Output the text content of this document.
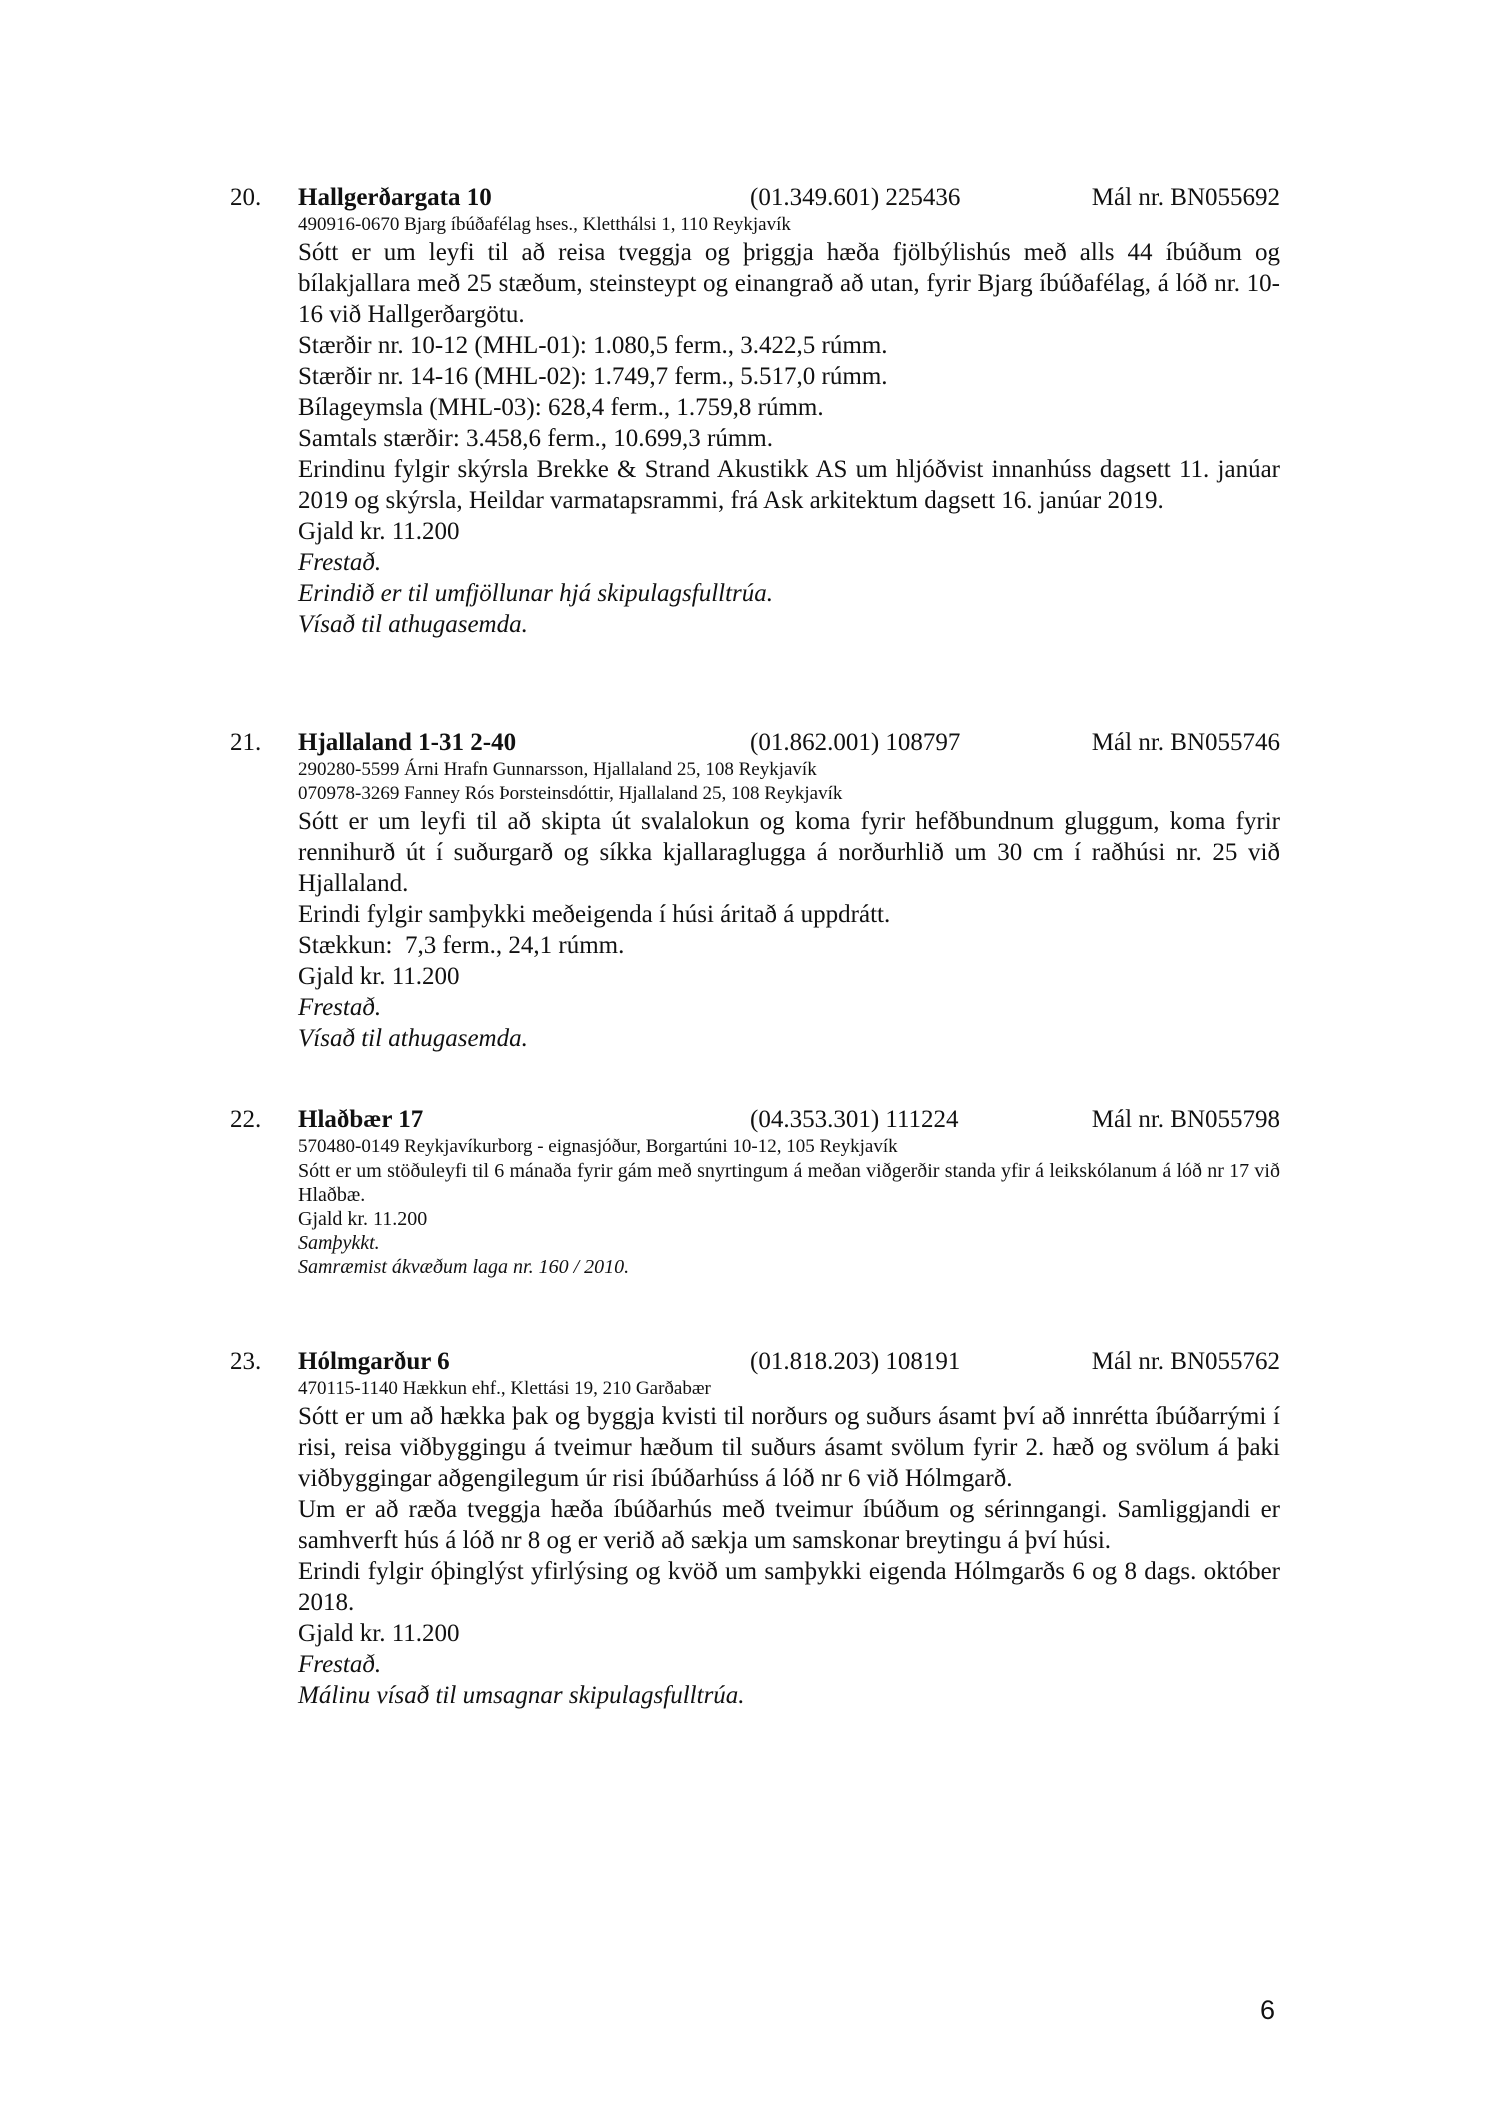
20. Hallgerðargata 10	(01.349.601) 225436	Mál nr. BN055692
490916-0670 Bjarg íbúðafélag hses., Kletthálsi 1, 110 Reykjavík
Sótt er um leyfi til að reisa tveggja og þriggja hæða fjölbýlishús með alls 44 íbúðum og bílakjallara með 25 stæðum, steinsteypt og einangrað að utan, fyrir Bjarg íbúðafélag, á lóð nr. 10-16 við Hallgerðargötu.
Stærðir nr. 10-12 (MHL-01): 1.080,5 ferm., 3.422,5 rúmm.
Stærðir nr. 14-16 (MHL-02): 1.749,7 ferm., 5.517,0 rúmm.
Bílageymsla (MHL-03): 628,4 ferm., 1.759,8 rúmm.
Samtals stærðir: 3.458,6 ferm., 10.699,3 rúmm.
Erindinu fylgir skýrsla Brekke & Strand Akustikk AS um hljóðvist innanhúss dagsett 11. janúar 2019 og skýrsla, Heildar varmatapsrammi, frá Ask arkitektum dagsett 16. janúar 2019.
Gjald kr. 11.200
Frestað.
Erindið er til umfjöllunar hjá skipulagsfulltrúa.
Vísað til athugasemda.
21. Hjallaland 1-31 2-40	(01.862.001) 108797	Mál nr. BN055746
290280-5599 Árni Hrafn Gunnarsson, Hjallaland 25, 108 Reykjavík
070978-3269 Fanney Rós Þorsteinsdóttir, Hjallaland 25, 108 Reykjavík
Sótt er um leyfi til að skipta út svalalokun og koma fyrir hefðbundnum gluggum, koma fyrir rennihurð út í suðurgarð og síkka kjallaraglugga á norðurhlið um 30 cm í raðhúsi nr. 25 við Hjallaland.
Erindi fylgir samþykki meðeigenda í húsi áritað á uppdrátt.
Stækkun:  7,3 ferm., 24,1 rúmm.
Gjald kr. 11.200
Frestað.
Vísað til athugasemda.
22. Hlaðbær 17	(04.353.301) 111224	Mál nr. BN055798
570480-0149 Reykjavíkurborg - eignasjóður, Borgartúni 10-12, 105 Reykjavík
Sótt er um stöðuleyfi til 6 mánaða fyrir gám með snyrtingum á meðan viðgerðir standa yfir á leikskólanum á lóð nr 17 við Hlaðbæ.
Gjald kr. 11.200
Samþykkt.
Samræmist ákvæðum laga nr. 160 / 2010.
23. Hólmgarður 6	(01.818.203) 108191	Mál nr. BN055762
470115-1140 Hækkun ehf., Klettási 19, 210 Garðabær
Sótt er um að hækka þak og byggja kvisti til norðurs og suðurs ásamt því að innrétta íbúðarrými í risi, reisa viðbyggingu á tveimur hæðum til suðurs ásamt svölum fyrir 2. hæð og svölum á þaki viðbyggingar aðgengilegum úr risi íbúðarhúss á lóð nr 6 við Hólmgarð.
Um er að ræða tveggja hæða íbúðarhús með tveimur íbúðum og sérinngangi. Samliggjandi er samhverft hús á lóð nr 8 og er verið að sækja um samskonar breytingu á því húsi.
Erindi fylgir óþinglýst yfirlýsing og kvöð um samþykki eigenda Hólmgarðs 6 og 8 dags. október 2018.
Gjald kr. 11.200
Frestað.
Málinu vísað til umsagnar skipulagsfulltrúa.
6
